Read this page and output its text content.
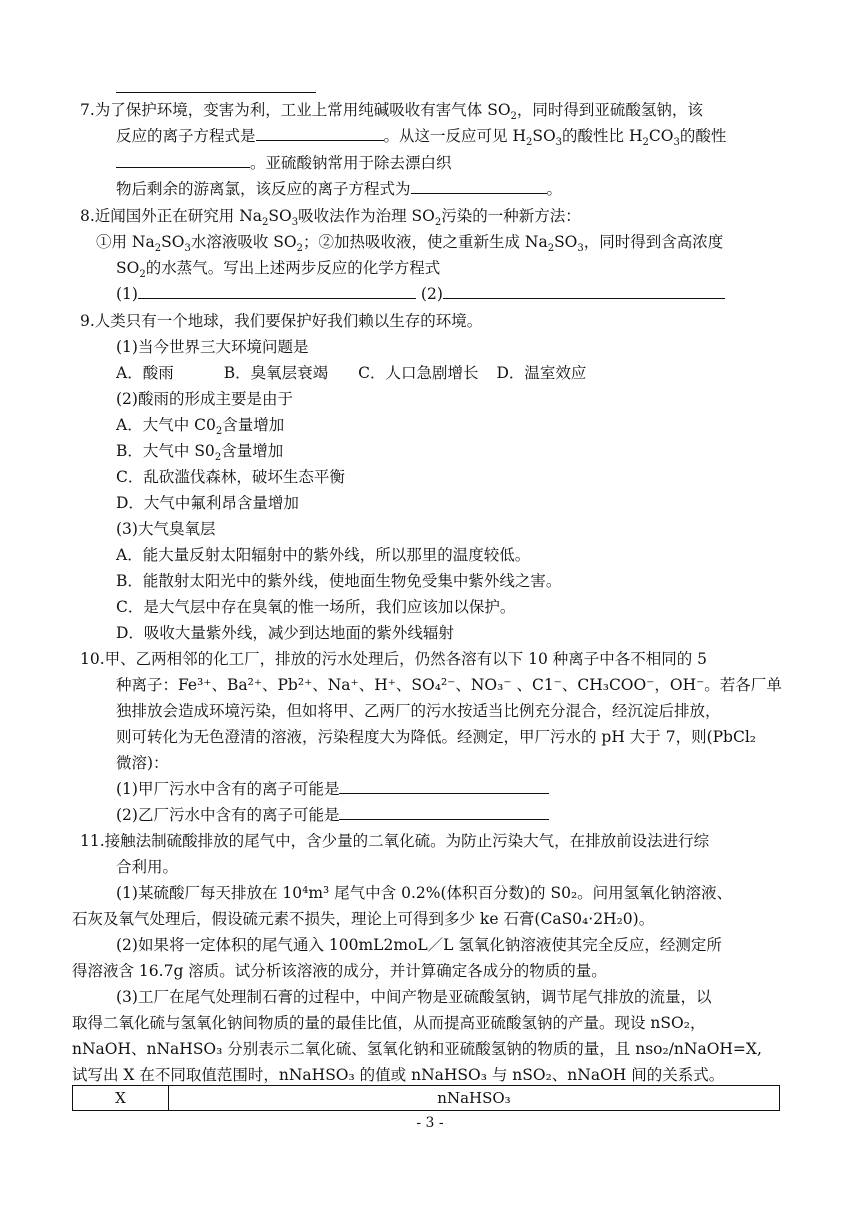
7.为了保护环境，变害为利，工业上常用纯碱吸收有害气体 $SO_2$，同时得到亚硫酸氢钠，该
反应的离子方程式是	。从这一反应可见 $H_2SO_3$的酸性比 $H_2CO_3$的酸性
。亚硫酸钠常用于除去漂白织
物后剩余的游离氯，该反应的离子方程式为	。
8.近闻国外正在研究用 $Na_2SO_3$吸收法作为治理 $SO_2$污染的一种新方法：
①用 $Na_2SO_3$水溶液吸收 $SO_2$；②加热吸收液，使之重新生成 $Na_2SO_3$，同时得到含高浓度
$SO_2$的水蒸气。写出上述两步反应的化学方程式
(1)	(2)
9.人类只有一个地球，我们要保护好我们赖以生存的环境。
(1)当今世界三大环境问题是
A．酸雨	B．臭氧层衰竭 C．人口急剧增长 D．温室效应
(2)酸雨的形成主要是由于
A．大气中 $C0_2$含量增加
B．大气中 $S0_2$含量增加
C．乱砍滥伐森林，破坏生态平衡
D．大气中氟利昂含量增加
(3)大气臭氧层
A．能大量反射太阳辐射中的紫外线，所以那里的温度较低。
B．能散射太阳光中的紫外线，使地面生物免受集中紫外线之害。
C．是大气层中存在臭氧的惟一场所，我们应该加以保护。
D．吸收大量紫外线，减少到达地面的紫外线辐射
10.甲、乙两相邻的化工厂，排放的污水处理后，仍然各溶有以下 10 种离子中各不相同的 5
种离子：Fe³⁺、Ba²⁺、Pb²⁺、Na⁺、H⁺、SO₄²⁻、NO₃⁻ 、C1⁻、CH₃COO⁻，OH⁻。若各厂单
独排放会造成环境污染，但如将甲、乙两厂的污水按适当比例充分混合，经沉淀后排放，
则可转化为无色澄清的溶液，污染程度大为降低。经测定，甲厂污水的 pH 大于 7，则(PbCl₂
微溶)：
(1)甲厂污水中含有的离子可能是
(2)乙厂污水中含有的离子可能是
11.接触法制硫酸排放的尾气中，含少量的二氧化硫。为防止污染大气，在排放前设法进行综
合利用。
(1)某硫酸厂每天排放在 10⁴m³ 尾气中含 0.2%(体积百分数)的 S0₂。问用氢氧化钠溶液、
石灰及氧气处理后，假设硫元素不损失，理论上可得到多少 ke 石膏(CaS0₄·2H₂0)。
(2)如果将一定体积的尾气通入 100mL2moL／L 氢氧化钠溶液使其完全反应，经测定所
得溶液含 16.7g 溶质。试分析该溶液的成分，并计算确定各成分的物质的量。
(3)工厂在尾气处理制石膏的过程中，中间产物是亚硫酸氢钠，调节尾气排放的流量，以
取得二氧化硫与氢氧化钠间物质的量的最佳比值，从而提高亚硫酸氢钠的产量。现设 nSO₂，
nNaOH、nNaHSO₃ 分别表示二氧化硫、氢氧化钠和亚硫酸氢钠的物质的量，且 nso₂/nNaOH=X,
试写出 X 在不同取值范围时，nNaHSO₃ 的值或 nNaHSO₃ 与 nSO₂、nNaOH 间的关系式。
X	nNaHSO₃
- 3 -
